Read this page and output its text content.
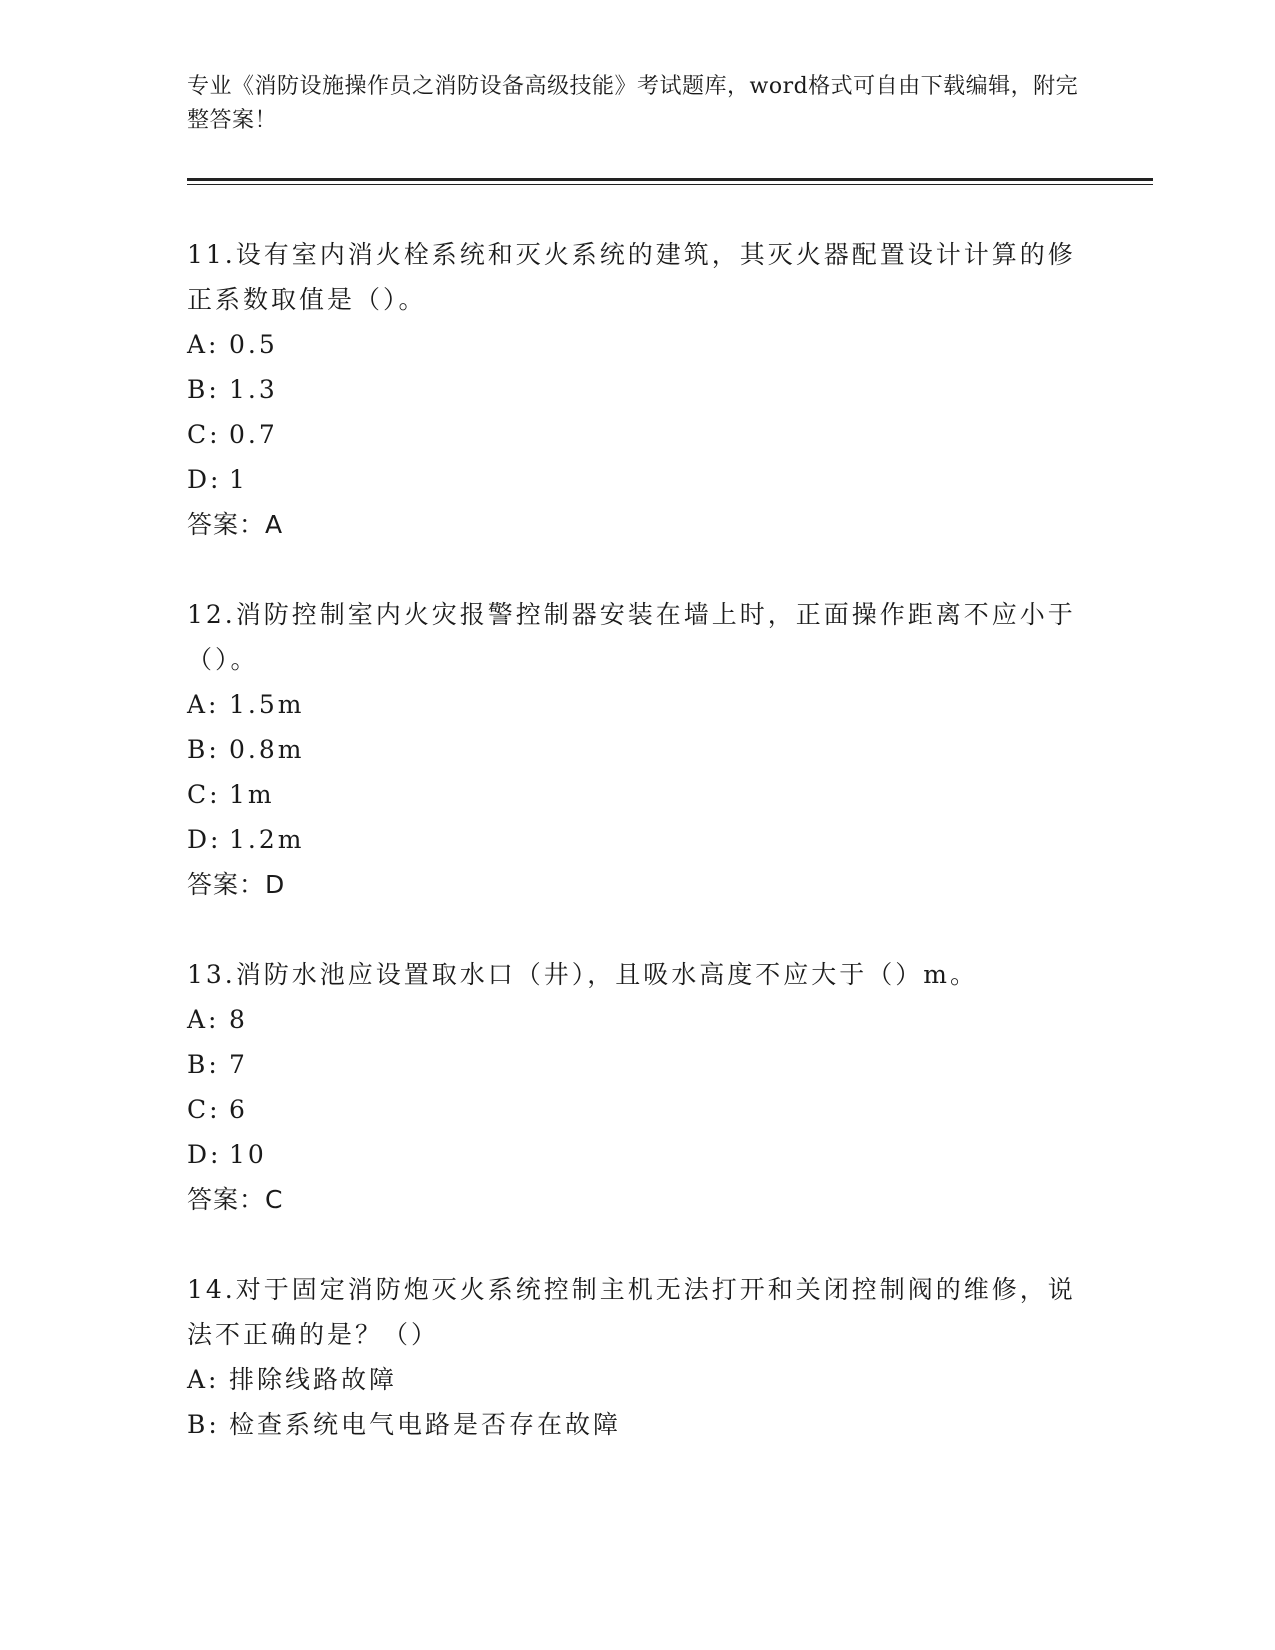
专业《消防设施操作员之消防设备高级技能》考试题库，word格式可自由下载编辑，附完整答案！
11.设有室内消火栓系统和灭火系统的建筑，其灭火器配置设计计算的修正系数取值是（）。
A: 0.5
B: 1.3
C: 0.7
D: 1
答案：A
12.消防控制室内火灾报警控制器安装在墙上时，正面操作距离不应小于（）。
A: 1.5m
B: 0.8m
C: 1m
D: 1.2m
答案：D
13.消防水池应设置取水口（井），且吸水高度不应大于（）m。
A: 8
B: 7
C: 6
D: 10
答案：C
14.对于固定消防炮灭火系统控制主机无法打开和关闭控制阀的维修，说法不正确的是？（）
A: 排除线路故障
B: 检查系统电气电路是否存在故障
